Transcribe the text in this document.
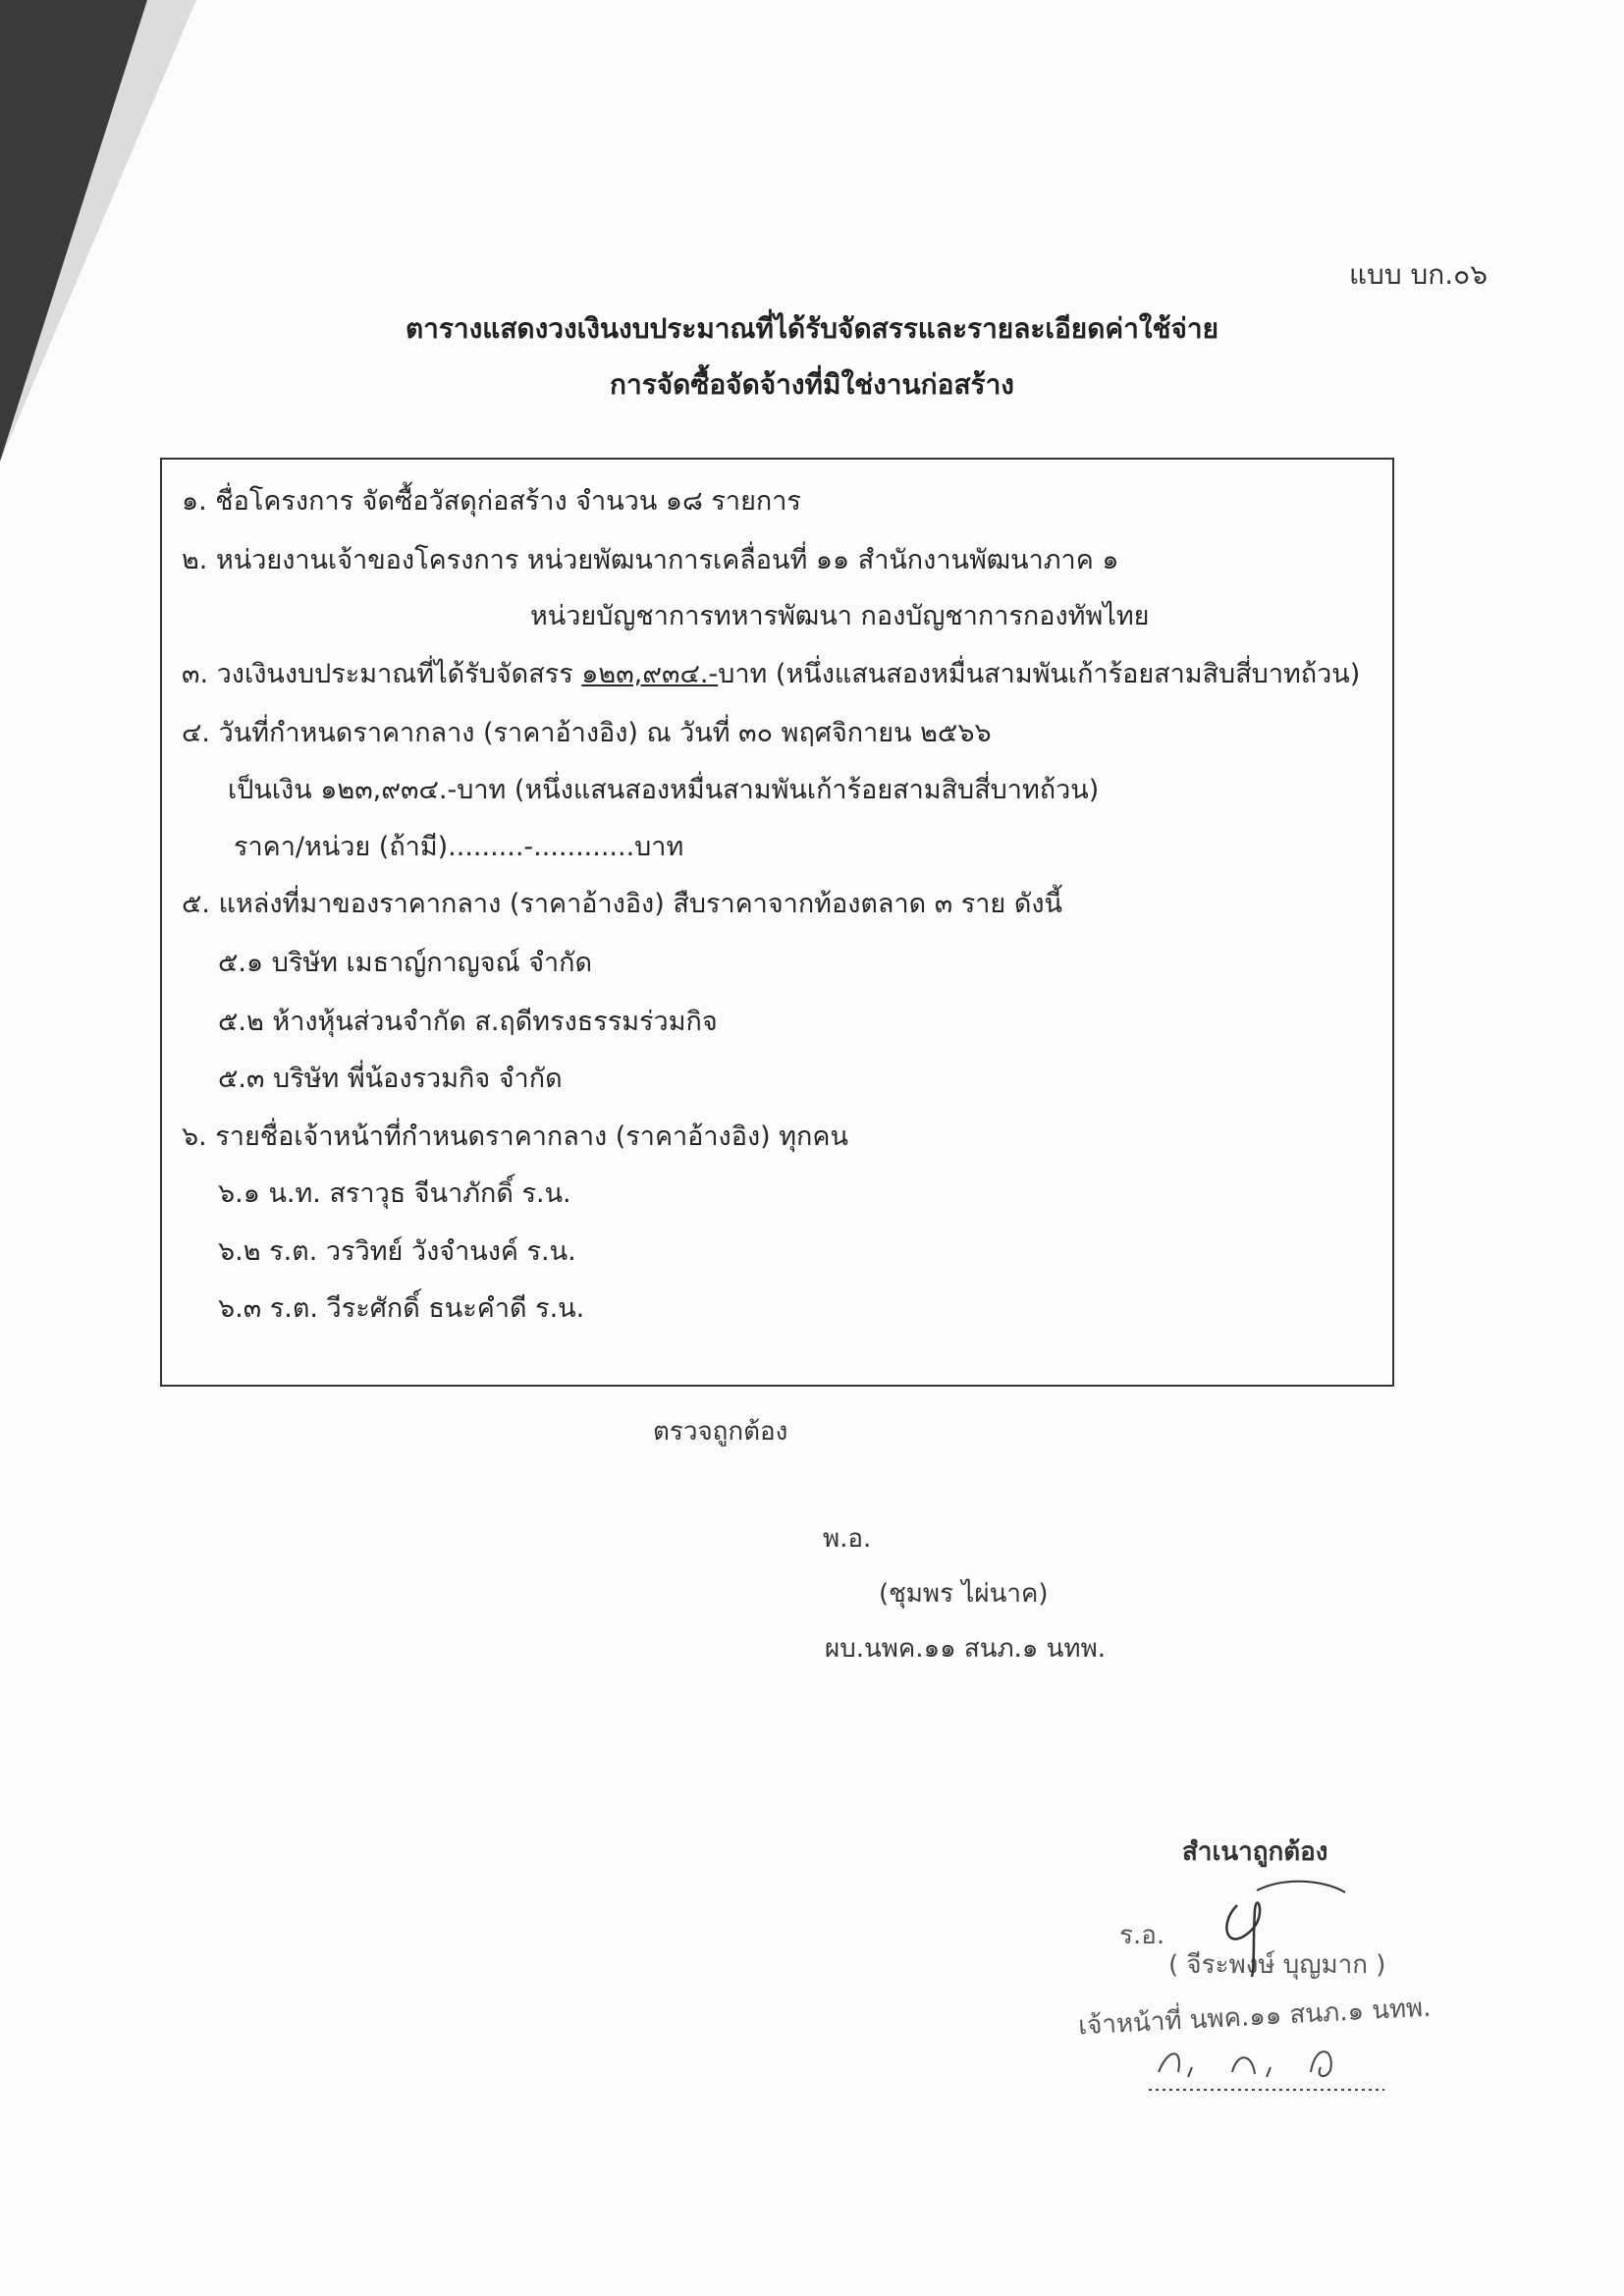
แบบ บก.๐๖
ตารางแสดงวงเงินงบประมาณที่ได้รับจัดสรรและรายละเอียดค่าใช้จ่าย
การจัดซื้อจัดจ้างที่มิใช่งานก่อสร้าง
๑. ชื่อโครงการ จัดซื้อวัสดุก่อสร้าง จำนวน ๑๘ รายการ
๒. หน่วยงานเจ้าของโครงการ หน่วยพัฒนาการเคลื่อนที่ ๑๑ สำนักงานพัฒนาภาค ๑
หน่วยบัญชาการทหารพัฒนา กองบัญชาการกองทัพไทย
๓. วงเงินงบประมาณที่ได้รับจัดสรร ๑๒๓,๙๓๔.-บาท (หนึ่งแสนสองหมื่นสามพันเก้าร้อยสามสิบสี่บาทถ้วน)
๔. วันที่กำหนดราคากลาง (ราคาอ้างอิง) ณ วันที่ ๓๐ พฤศจิกายน ๒๕๖๖
เป็นเงิน ๑๒๓,๙๓๔.-บาท (หนึ่งแสนสองหมื่นสามพันเก้าร้อยสามสิบสี่บาทถ้วน)
ราคา/หน่วย (ถ้ามี).........-............บาท
๕. แหล่งที่มาของราคากลาง (ราคาอ้างอิง) สืบราคาจากท้องตลาด ๓ ราย ดังนี้
๕.๑ บริษัท เมธาญ์กาญจณ์ จำกัด
๕.๒ ห้างหุ้นส่วนจำกัด ส.ฤดีทรงธรรมร่วมกิจ
๕.๓ บริษัท พี่น้องรวมกิจ จำกัด
๖. รายชื่อเจ้าหน้าที่กำหนดราคากลาง (ราคาอ้างอิง) ทุกคน
๖.๑ น.ท. สราวุธ จีนาภักดิ์ ร.น.
๖.๒ ร.ต. วรวิทย์ วังจำนงค์ ร.น.
๖.๓ ร.ต. วีระศักดิ์ ธนะคำดี ร.น.
ตรวจถูกต้อง
พ.อ.
(ชุมพร ไผ่นาค)
ผบ.นพค.๑๑ สนภ.๑ นทพ.
สำเนาถูกต้อง
ร.อ.
( จีระพงษ์ บุญมาก )
เจ้าหน้าที่ นพค.๑๑ สนภ.๑ นทพ.
